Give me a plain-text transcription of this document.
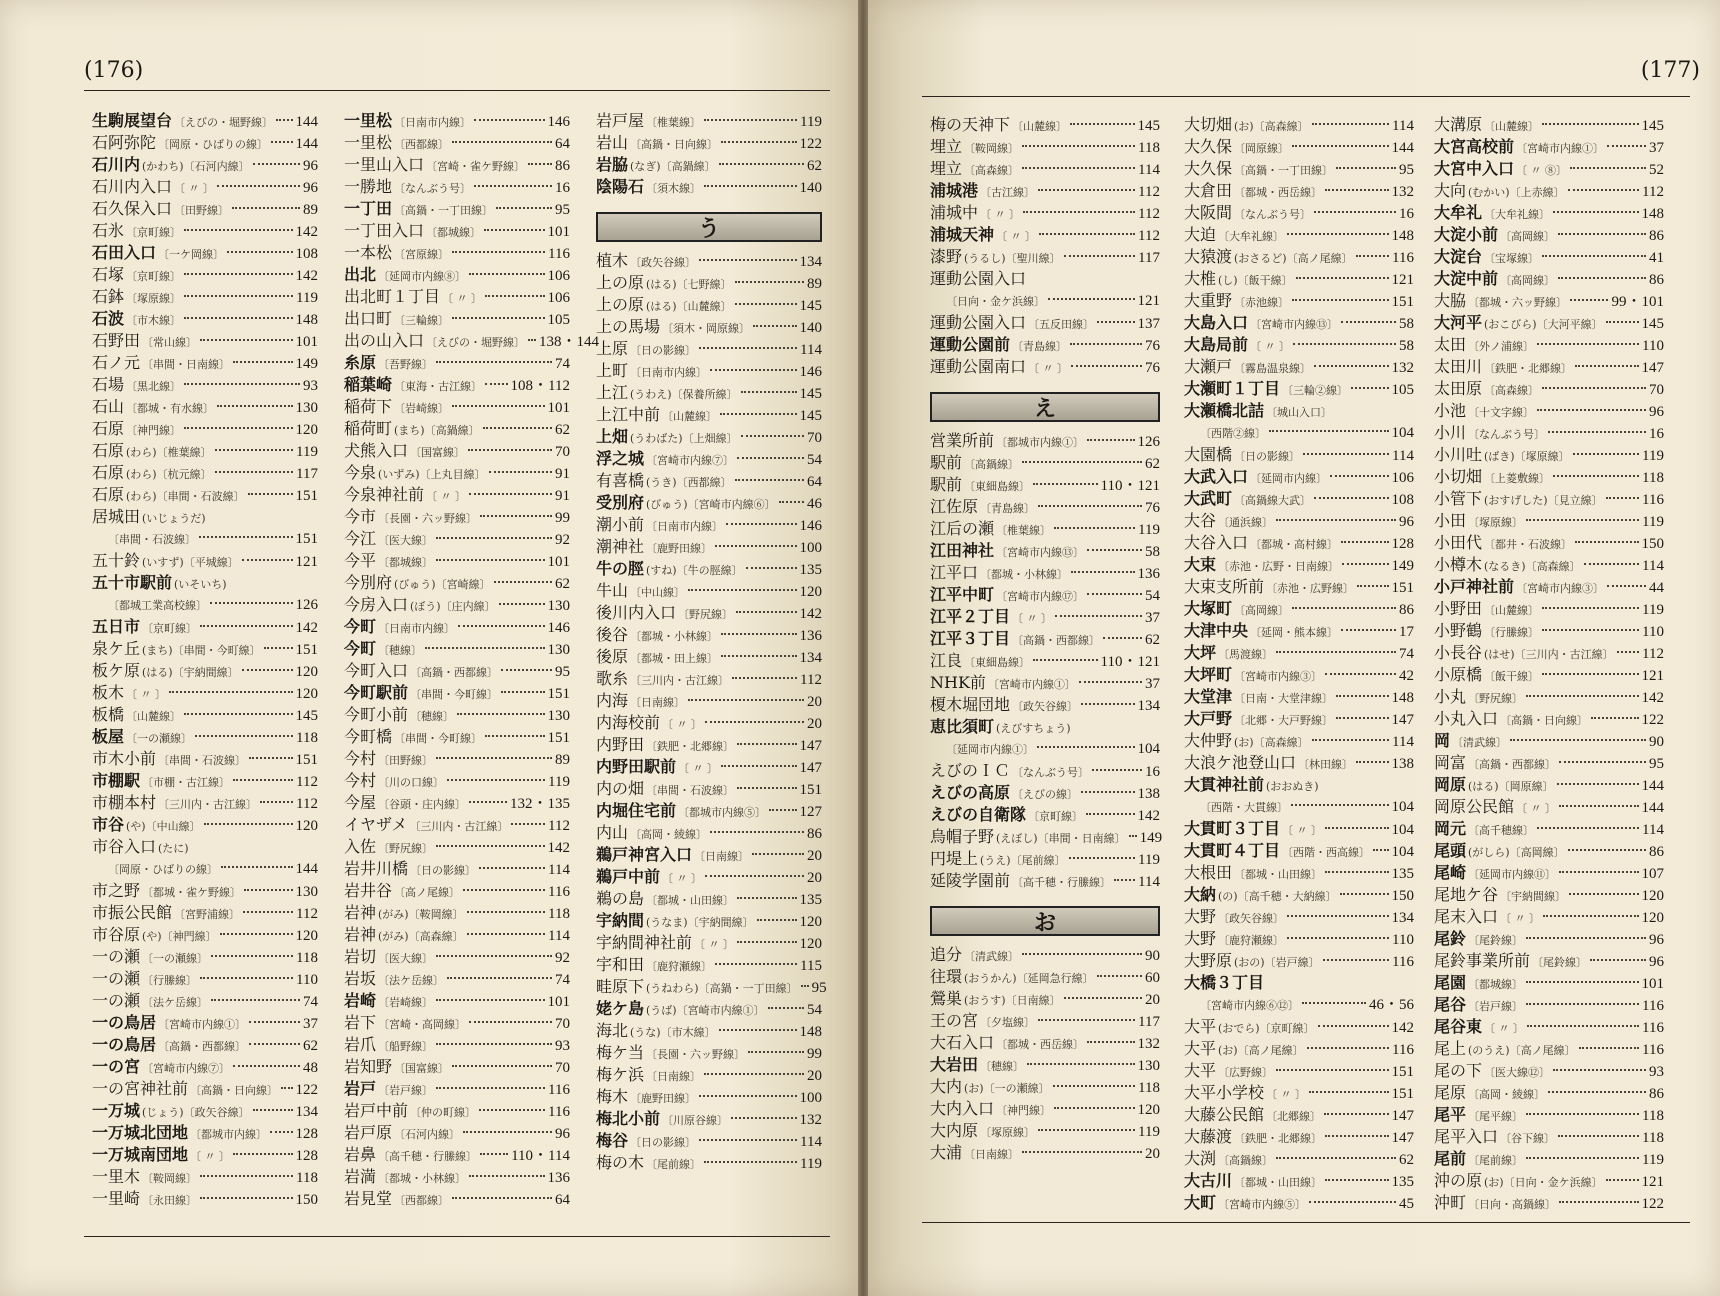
(176)
生駒展望台 〔えびの・堀野線〕 144
石阿弥陀 〔岡原・ひばりの線〕 144
石川内 (かわち)〔石河内線〕	96
石川内入口 〔 〃 〕	96
石久保入口 〔田野線〕	89
石氷 〔京町線〕	142
石田入口 〔一ケ岡線〕	108
石塚 〔京町線〕	142
石鉢 〔塚原線〕	119
石波 〔市木線〕	148
石野田 〔常山線〕	101
石ノ元 〔串間・日南線〕	149
石場 〔黒北線〕	93
石山 〔都城・有水線〕	130
石原 〔神門線〕	120
石原 (わら)〔椎葉線〕	119
石原 (わら)〔杭元線〕	117
石原 (わら)〔串間・石波線〕	151
居城田 (いじょうだ)
〔串間・石波線〕	151
五十鈴 (いすず)〔平城線〕	121
五十市駅前 (いそいち)
〔都城工業高校線〕	126
五日市 〔京町線〕	142
泉ケ丘 (まち)〔串間・今町線〕 151
板ケ原 (はる)〔宇納間線〕	120
板木 〔 〃 〕	120
板橋 〔山麓線〕	145
板屋 〔一の瀬線〕	118
市木小前 〔串間・石波線〕	151
市棚駅 〔市棚・古江線〕	112
市棚本村 〔三川内・古江線〕	112
市谷 (や)〔中山線〕	120
市谷入口 (たに)
〔岡原・ひばりの線〕	144
市之野 〔都城・雀ケ野線〕	130
市振公民館 〔宮野浦線〕	112
市谷原 (や)〔神門線〕	120
一の瀬 〔一の瀬線〕	118
一の瀬 〔行縢線〕	110
一の瀬 〔法ケ岳線〕	74
一の鳥居 〔宮崎市内線①〕	37
一の鳥居 〔高鍋・西都線〕	62
一の宮 〔宮崎市内線⑦〕	48
一の宮神社前 〔高鍋・日向線〕 122
一万城 (じょう)〔政矢谷線〕	134
一万城北団地 〔都城市内線〕 128
一万城南団地 〔 〃 〕	128
一里木 〔鞍岡線〕	118
一里崎 〔永田線〕	150
一里松 〔日南市内線〕	146
一里松 〔西都線〕	64
一里山入口 〔宮崎・雀ケ野線〕 86
一勝地 〔なんぶう号〕	16
一丁田 〔高鍋・一丁田線〕	95
一丁田入口 〔都城線〕	101
一本松 〔宮原線〕	116
出北 〔延岡市内線⑧〕	106
出北町１丁目 〔 〃 〕	106
出口町 〔三輪線〕	105
出の山入口 〔えびの・堀野線〕 138・144
糸原 〔吾野線〕	74
稲葉崎 〔東海・古江線〕 108・112
稲荷下 〔岩崎線〕	101
稲荷町 (まち)〔高鍋線〕	62
犬熊入口 〔国富線〕	70
今泉 (いずみ)〔上丸目線〕	91
今泉神社前 〔 〃 〕	91
今市 〔長園・六ッ野線〕	99
今江 〔医大線〕	92
今平 〔都城線〕	101
今別府 (びゅう)〔宮崎線〕	62
今房入口 (ぼう)〔庄内線〕	130
今町 〔日南市内線〕	146
今町 〔穂線〕	130
今町入口 〔高鍋・西都線〕	95
今町駅前 〔串間・今町線〕	151
今町小前 〔穂線〕	130
今町橋 〔串間・今町線〕	151
今村 〔田野線〕	89
今村 〔川の口線〕	119
今屋 〔谷頭・庄内線〕	132・135
イヤザメ 〔三川内・古江線〕	112
入佐 〔野尻線〕	142
岩井川橋 〔日の影線〕	114
岩井谷 〔高ノ尾線〕	116
岩神 (がみ)〔鞍岡線〕	118
岩神 (がみ)〔高森線〕	114
岩切 〔医大線〕	92
岩坂 〔法ケ岳線〕	74
岩崎 〔岩崎線〕	101
岩下 〔宮崎・高岡線〕	70
岩爪 〔船野線〕	93
岩知野 〔国富線〕	70
岩戸 〔岩戸線〕	116
岩戸中前 〔仲の町線〕	116
岩戸原 〔石河内線〕	96
岩鼻 〔高千穂・行縢線〕 110・114
岩満 〔都城・小林線〕	136
岩見堂 〔西都線〕	64
岩戸屋 〔椎葉線〕	119
岩山 〔高鍋・日向線〕	122
岩脇 (なぎ)〔高鍋線〕	62
陰陽石 〔須木線〕	140
う
植木 〔政矢谷線〕	134
上の原 (はる)〔七野線〕	89
上の原 (はる)〔山麓線〕	145
上の馬場 〔須木・岡原線〕	140
上原 〔日の影線〕	114
上町 〔日南市内線〕	146
上江 (うわえ)〔保養所線〕	145
上江中前 〔山麓線〕	145
上畑 (うわばた)〔上畑線〕	70
浮之城 〔宮崎市内線⑦〕	54
有喜橋 (うき)〔西都線〕	64
受別府 (びゅう)〔宮崎市内線⑥〕 46
潮小前 〔日南市内線〕	146
潮神社 〔鹿野田線〕	100
牛の脛 (すね)〔牛の脛線〕	135
牛山 〔中山線〕	120
後川内入口 〔野尻線〕	142
後谷 〔都城・小林線〕	136
後原 〔都城・田上線〕	134
歌糸 〔三川内・古江線〕	112
内海 〔日南線〕	20
内海校前 〔 〃 〕	20
内野田 〔鉄肥・北郷線〕	147
内野田駅前 〔 〃 〕	147
内の畑 〔串間・石波線〕	151
内堀住宅前 〔都城市内線⑤〕 127
内山 〔高岡・綾線〕	86
鵜戸神宮入口 〔日南線〕	20
鵜戸中前 〔 〃 〕	20
鵜の島 〔都城・山田線〕	135
宇納間 (うなま)〔宇納間線〕	120
宇納間神社前 〔 〃 〕	120
宇和田 〔鹿狩瀬線〕	115
畦原下 (うねわら)〔高鍋・一丁田線〕 95
姥ケ島 (うば)〔宮崎市内線①〕	54
海北 (うな)〔市木線〕	148
梅ケ当 〔長園・六ッ野線〕	99
梅ケ浜 〔日南線〕	20
梅木 〔鹿野田線〕	100
梅北小前 〔川原谷線〕	132
梅谷 〔日の影線〕	114
梅の木 〔尾前線〕	119
(177)
梅の天神下 〔山麓線〕	145
埋立 〔鞍岡線〕	118
埋立 〔高森線〕	114
浦城港 〔古江線〕	112
浦城中 〔 〃 〕	112
浦城天神 〔 〃 〕	112
漆野 (うるし)〔聖川線〕	117
運動公園入口
〔日向・金ケ浜線〕	121
運動公園入口 〔五反田線〕	137
運動公園前 〔青島線〕	76
運動公園南口 〔 〃 〕	76
え
営業所前 〔都城市内線①〕	126
駅前 〔高鍋線〕	62
駅前 〔東細島線〕	110・121
江佐原 〔青島線〕	76
江后の瀬 〔椎葉線〕	119
江田神社 〔宮崎市内線⑬〕	58
江平口 〔都城・小林線〕	136
江平中町 〔宮崎市内線⑰〕	54
江平２丁目 〔 〃 〕	37
江平３丁目 〔高鍋・西都線〕	62
江良 〔東細島線〕	110・121
NHK前 〔宮崎市内線①〕	37
榎木堀団地 〔政矢谷線〕	134
恵比須町 (えびすちょう)
〔延岡市内線①〕	104
えびのＩＣ 〔なんぶう号〕	16
えびの高原 〔えびの線〕	138
えびの自衛隊 〔京町線〕	142
烏帽子野 (えぼし)〔串間・日南線〕 149
円堤上 (うえ)〔尾前線〕	119
延陵学園前 〔高千穂・行縢線〕 114
お
追分 〔清武線〕	90
往環 (おうかん)〔延岡急行線〕	60
鶯巣 (おうす)〔日南線〕	20
王の宮 〔夕塩線〕	117
大石入口 〔都城・西岳線〕	132
大岩田 〔穂線〕	130
大内 (お)〔一の瀬線〕	118
大内入口 〔神門線〕	120
大内原 〔塚原線〕	119
大浦 〔日南線〕	20
大切畑 (お)〔高森線〕	114
大久保 〔岡原線〕	144
大久保 〔高鍋・一丁田線〕	95
大倉田 〔都城・西岳線〕	132
大阪間 〔なんぶう号〕	16
大迫 〔大牟礼線〕	148
大猿渡 (おさるど)〔高ノ尾線〕	116
大椎 (し)〔飯干線〕	121
大重野 〔赤池線〕	151
大島入口 〔宮崎市内線⑬〕	58
大島局前 〔 〃 〕	58
大瀬戸 〔霧島温泉線〕	132
大瀬町１丁目 〔三輪②線〕	105
大瀬橋北詰 〔城山入口〕
〔西階②線〕	104
大園橋 〔日の影線〕	114
大武入口 〔延岡市内線〕	106
大武町 〔高鍋線大武〕	108
大谷 〔通浜線〕	96
大谷入口 〔都城・高村線〕	128
大束 〔赤池・広野・日南線〕	149
大束支所前 〔赤池・広野線〕 151
大塚町 〔高岡線〕	86
大津中央 〔延岡・熊本線〕	17
大坪 〔馬渡線〕	74
大坪町 〔宮崎市内線③〕	42
大堂津 〔日南・大堂津線〕	148
大戸野 〔北郷・大戸野線〕	147
大仲野 (お)〔高森線〕	114
大浪ケ池登山口 〔林田線〕	138
大貫神社前 (おおぬき)
〔西階・大貫線〕	104
大貫町３丁目 〔 〃 〕	104
大貫町４丁目 〔西階・西高線〕 104
大根田 〔都城・山田線〕	135
大納 (の)〔高千穂・大納線〕	150
大野 〔政矢谷線〕	134
大野 〔鹿狩瀬線〕	110
大野原 (おの)〔岩戸線〕	116
大橋３丁目
〔宮崎市内線⑥⑫〕	46・56
大平 (おでら)〔京町線〕	142
大平 (お)〔高ノ尾線〕	116
大平 〔広野線〕	151
大平小学校 〔 〃 〕	151
大藤公民館 〔北郷線〕	147
大藤渡 〔鉄肥・北郷線〕	147
大渕 〔高鍋線〕	62
大古川 〔都城・山田線〕	135
大町 〔宮崎市内線⑤〕	45
大溝原 〔山麓線〕	145
大宮高校前 〔宮崎市内線①〕	37
大宮中入口 〔 〃 ⑧〕	52
大向 (むかい)〔上赤線〕	112
大牟礼 〔大牟礼線〕	148
大淀小前 〔高岡線〕	86
大淀台 〔宝塚線〕	41
大淀中前 〔高岡線〕	86
大脇 〔都城・六ッ野線〕	99・101
大河平 (おこびら)〔大河平線〕	145
太田 〔外ノ浦線〕	110
太田川 〔鉄肥・北郷線〕	147
太田原 〔高森線〕	70
小池 〔十文字線〕	96
小川 〔なんぶう号〕	16
小川吐 (ばき)〔塚原線〕	119
小切畑 〔上菱敷線〕	118
小管下 (おすげした)〔見立線〕	116
小田 〔塚原線〕	119
小田代 〔都井・石波線〕	150
小樽木 (なるき)〔高森線〕	114
小戸神社前 〔宮崎市内線③〕	44
小野田 〔山麓線〕	119
小野鶴 〔行縢線〕	110
小長谷 (はせ)〔三川内・古江線〕 112
小原橋 〔飯干線〕	121
小丸 〔野尻線〕	142
小丸入口 〔高鍋・日向線〕	122
岡 〔清武線〕	90
岡富 〔高鍋・西都線〕	95
岡原 (はる)〔岡原線〕	144
岡原公民館 〔 〃 〕	144
岡元 〔高千穂線〕	114
尾頭 (がしら)〔高岡線〕	86
尾崎 〔延岡市内線⑪〕	107
尾地ケ谷 〔宇納間線〕	120
尾末入口 〔 〃 〕	120
尾鈴 〔尾鈴線〕	96
尾鈴事業所前 〔尾鈴線〕	96
尾園 〔都城線〕	101
尾谷 〔岩戸線〕	116
尾谷東 〔 〃 〕	116
尾上 (のうえ)〔高ノ尾線〕	116
尾の下 〔医大線⑫〕	93
尾原 〔高岡・綾線〕	86
尾平 〔尾平線〕	118
尾平入口 〔谷下線〕	118
尾前 〔尾前線〕	119
沖の原 (お)〔日向・金ケ浜線〕	121
沖町 〔日向・高鍋線〕	122
